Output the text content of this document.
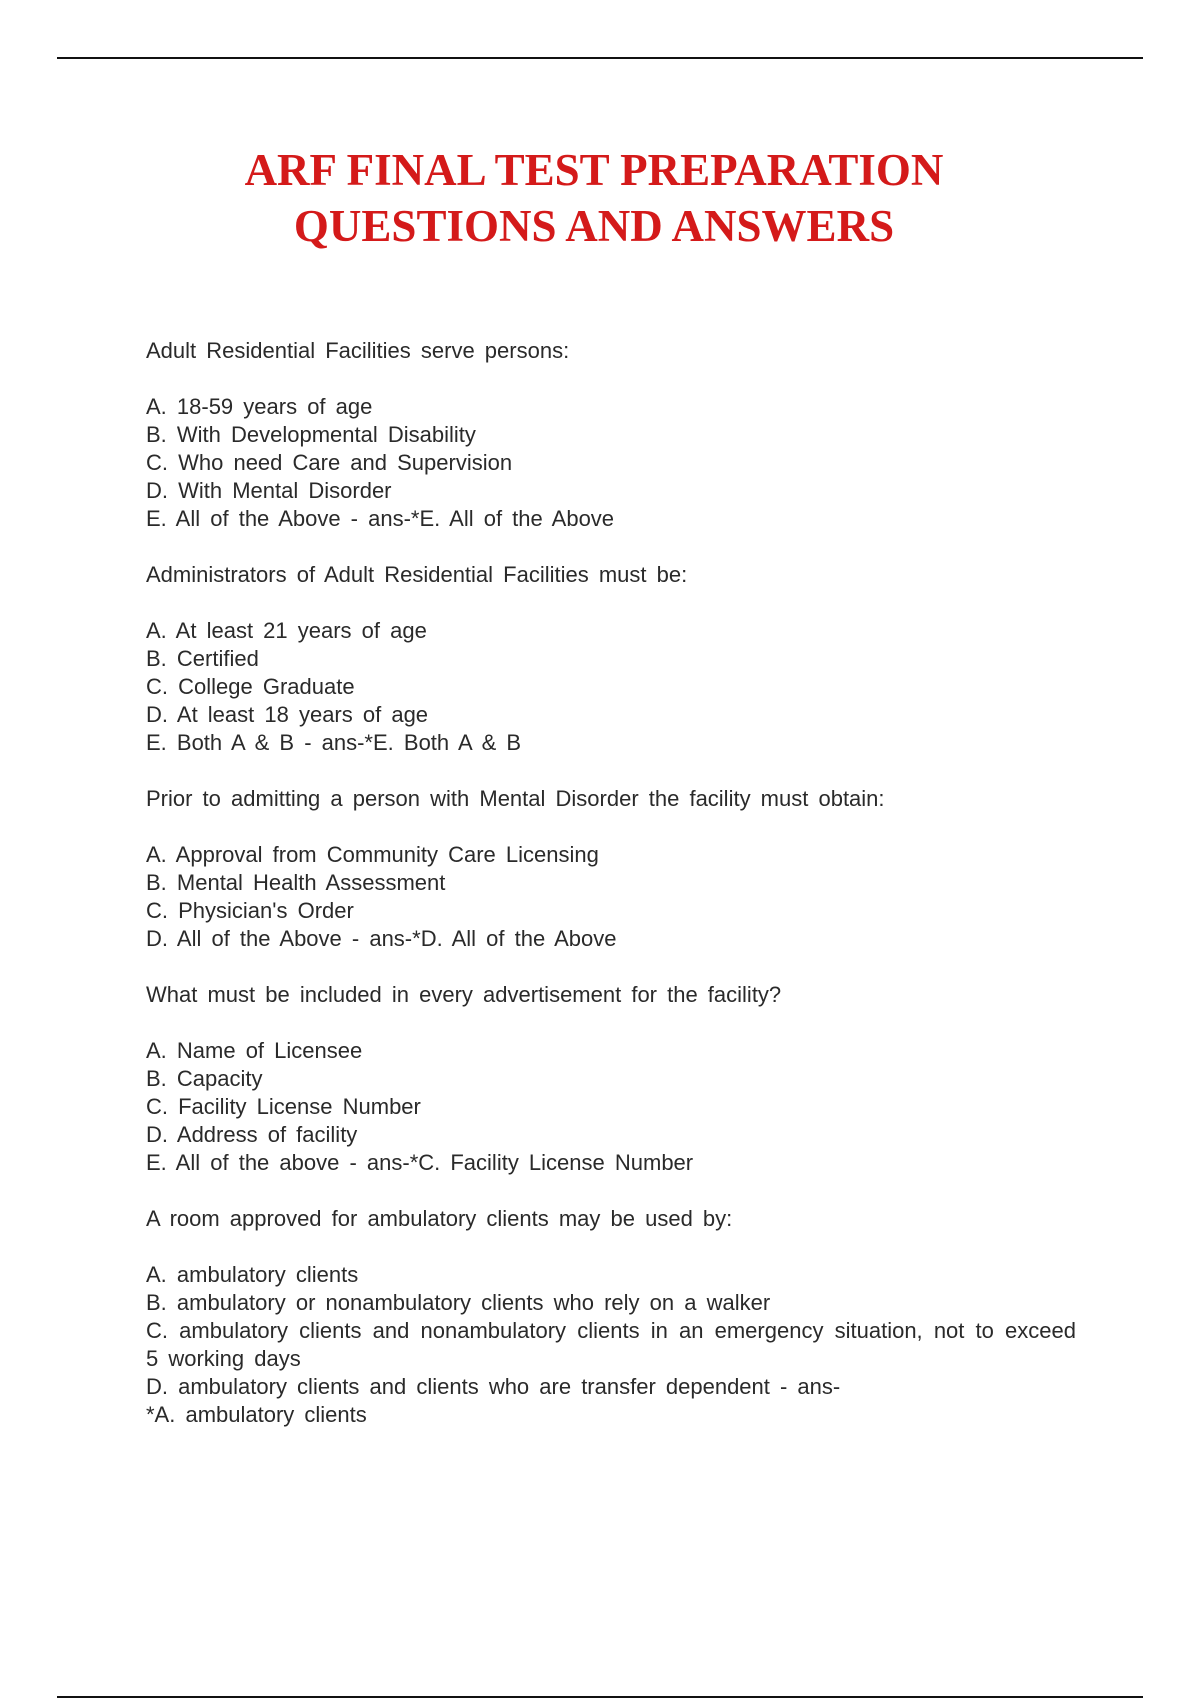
ARF FINAL TEST PREPARATION
QUESTIONS AND ANSWERS

Adult Residential Facilities serve persons:

A. 18-59 years of age

B. With Developmental Disability

C. Who need Care and Supervision

D. With Mental Disorder

E. All of the Above - ans-*E. All of the Above

Administrators of Adult Residential Facilities must be:

A. At least 21 years of age

B. Certified

C. College Graduate

D. At least 18 years of age

E. Both A & B - ans-*E. Both A & B

Prior to admitting a person with Mental Disorder the facility must obtain:

A. Approval from Community Care Licensing

B. Mental Health Assessment

C. Physician's Order

D. All of the Above - ans-*D. All of the Above

What must be included in every advertisement for the facility?

A. Name of Licensee

B. Capacity

C. Facility License Number

D. Address of facility

E. All of the above - ans-*C. Facility License Number

A room approved for ambulatory clients may be used by:

A. ambulatory clients

B. ambulatory or nonambulatory clients who rely on a walker

C. ambulatory clients and nonambulatory clients in an emergency situation, not to exceed 5 working days

D. ambulatory clients and clients who are transfer dependent - ans-

*A. ambulatory clients
